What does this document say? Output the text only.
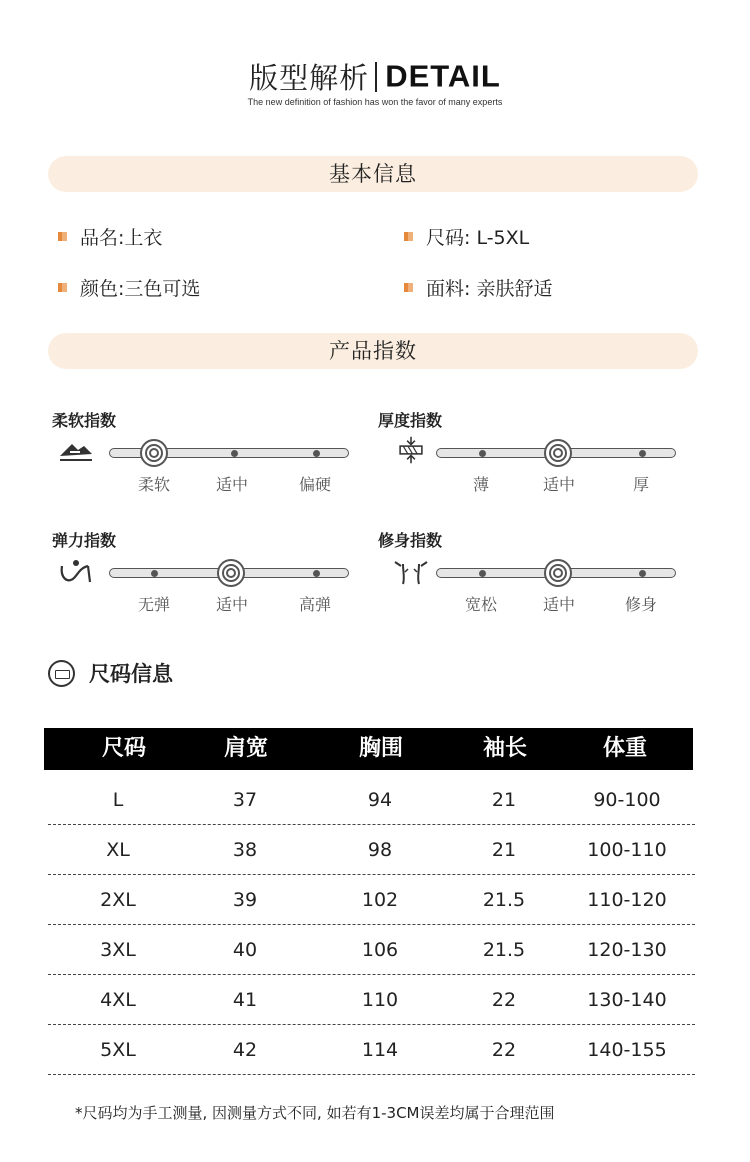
版型解析 DETAIL
The new definition of fashion has won the favor of many experts
基本信息
品名:上衣	尺码: L-5XL
颜色:三色可选	面料: 亲肤舒适
产品指数
柔软指数
柔软	适中	偏硬
厚度指数
薄	适中	厚
弹力指数
无弹	适中	高弹
修身指数
宽松	适中	修身
尺码信息
尺码	肩宽	胸围	袖长	体重
L	37	94	21	90-100
XL	38	98	21	100-110
2XL	39	102	21.5	110-120
3XL	40	106	21.5	120-130
4XL	41	110	22	130-140
5XL	42	114	22	140-155
*尺码均为手工测量, 因测量方式不同, 如若有1-3CM误差均属于合理范围
